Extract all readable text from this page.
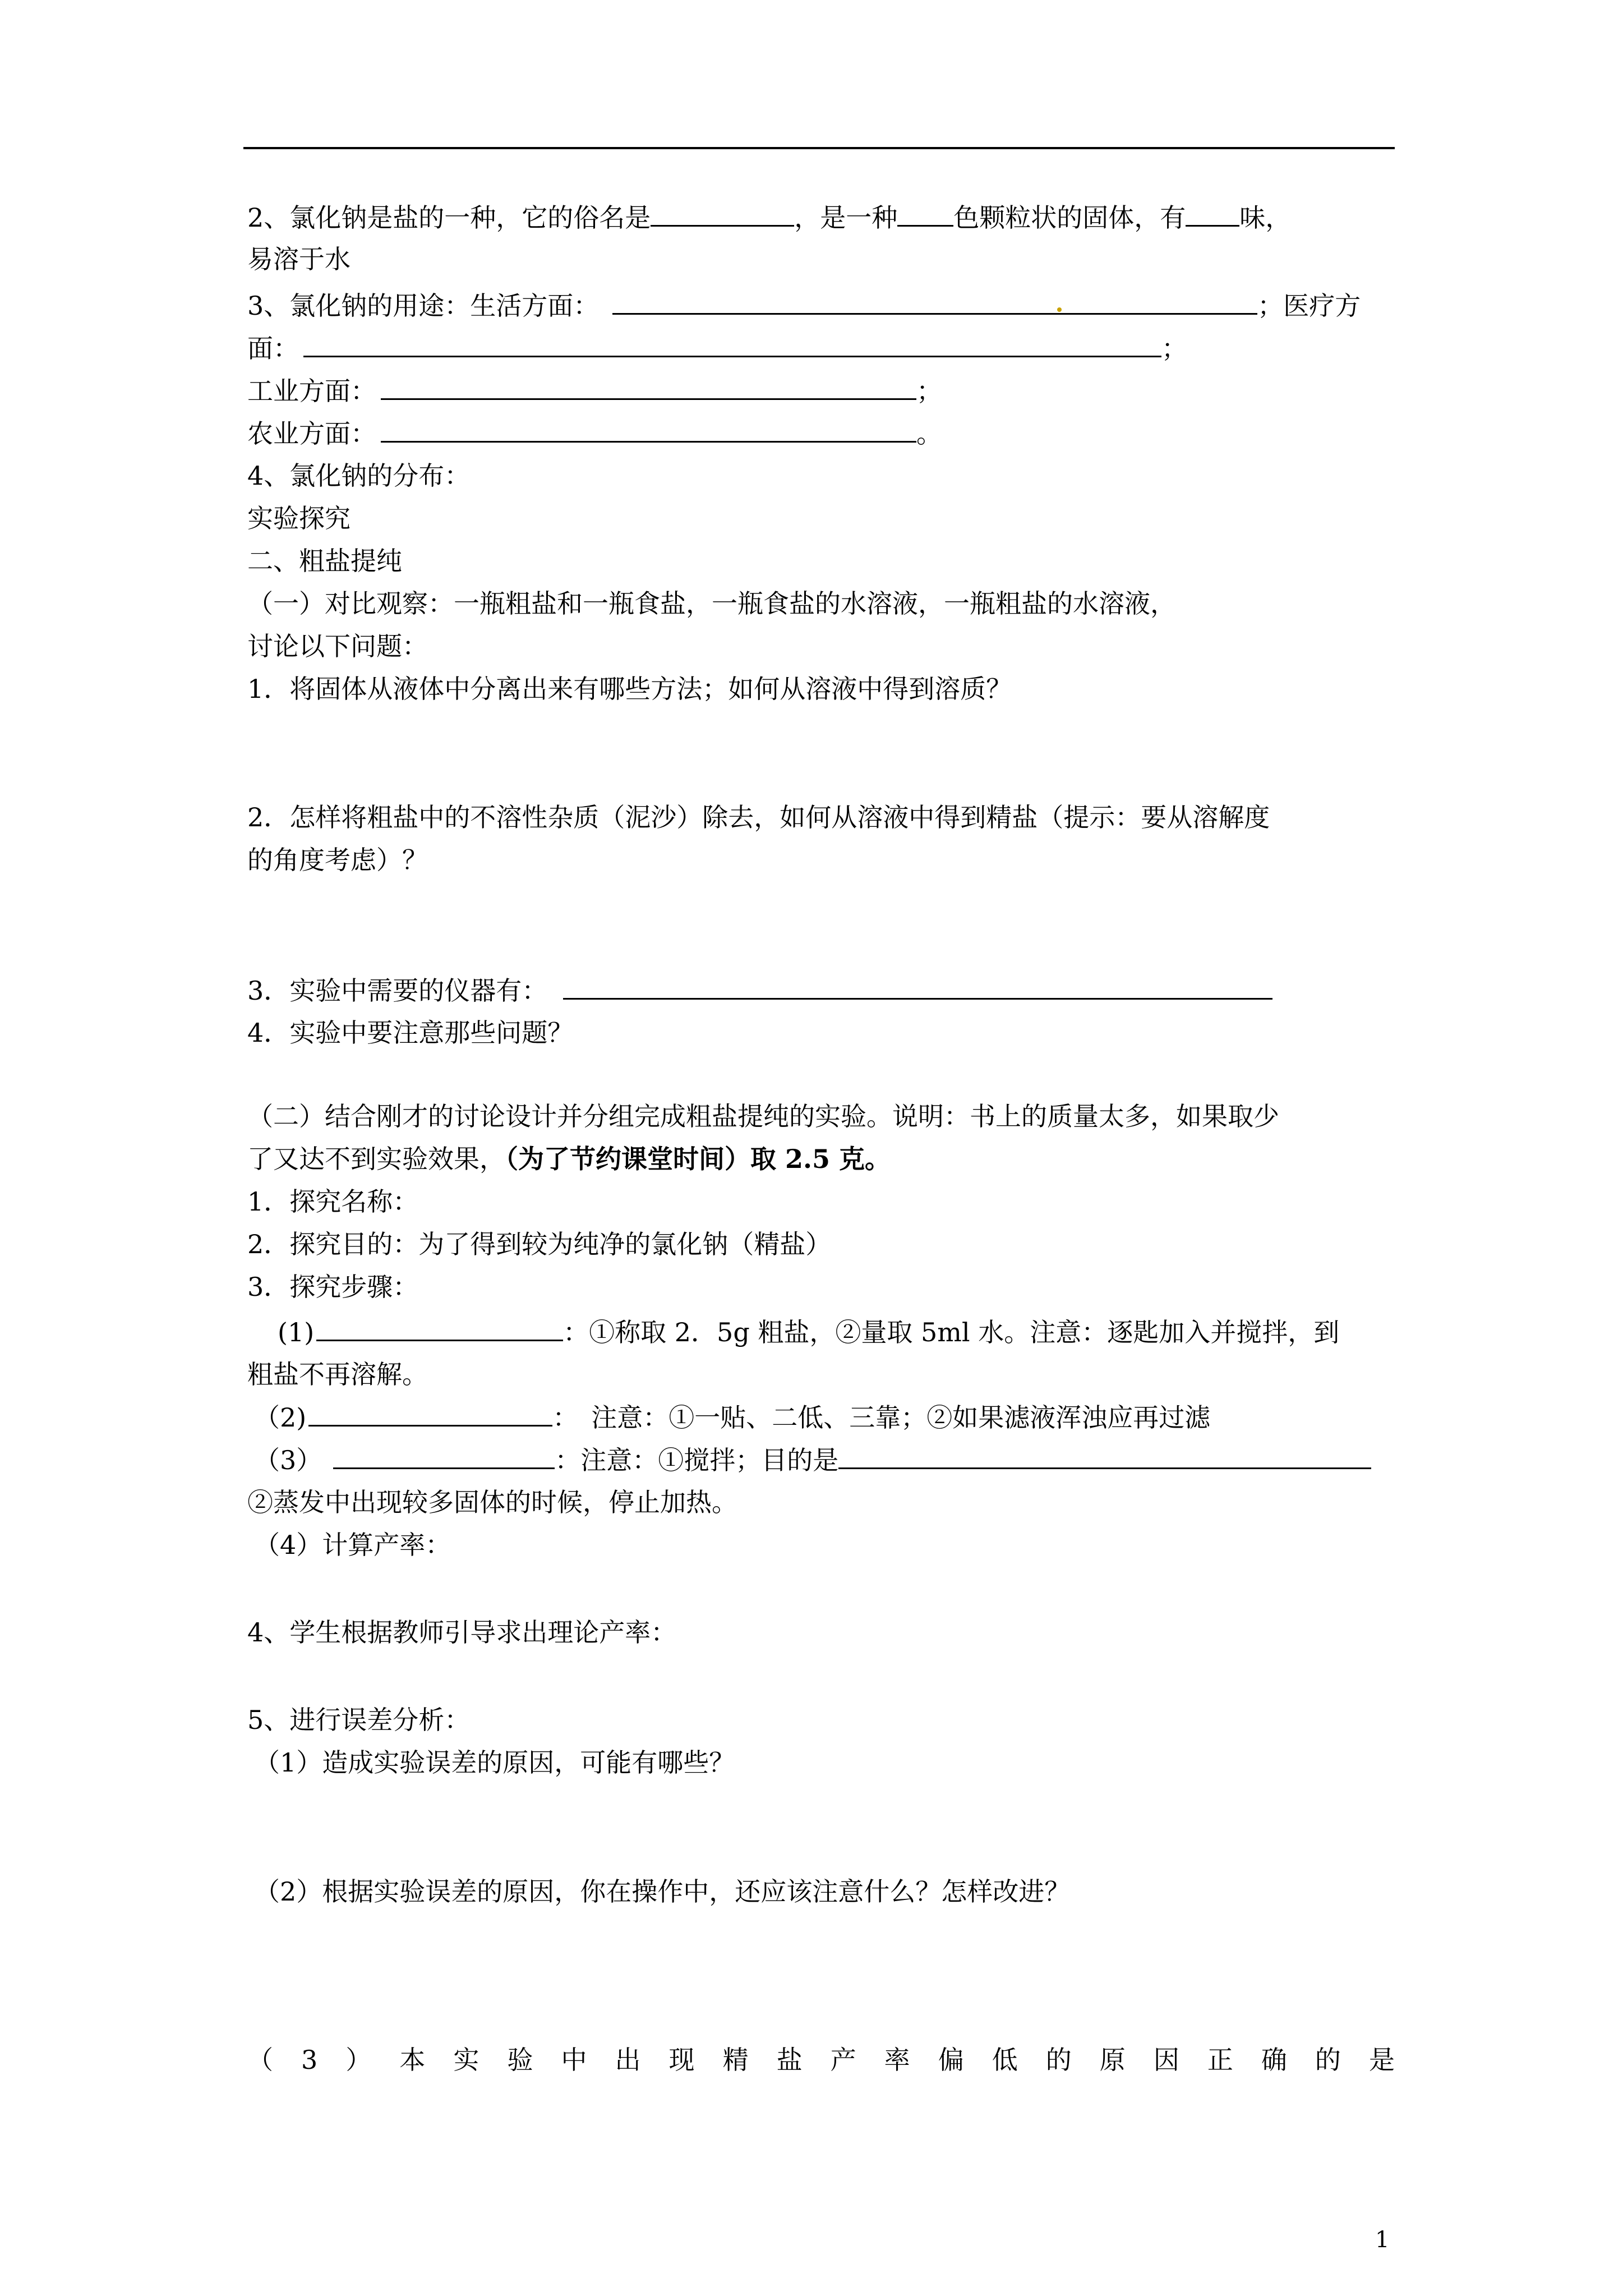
2、氯化钠是盐的一种，它的俗名是	，是一种 色颗粒状的固体，有 味，
易溶于水
3、氯化钠的用途：生活方面：	；医疗方
面：	；
工业方面：	；
农业方面：	。
4、氯化钠的分布：
实验探究
二、粗盐提纯
（一）对比观察：一瓶粗盐和一瓶食盐，一瓶食盐的水溶液，一瓶粗盐的水溶液，
讨论以下问题：
1．将固体从液体中分离出来有哪些方法；如何从溶液中得到溶质？
2．怎样将粗盐中的不溶性杂质（泥沙）除去，如何从溶液中得到精盐（提示：要从溶解度
的角度考虑）？
3．实验中需要的仪器有：
4．实验中要注意那些问题？
（二）结合刚才的讨论设计并分组完成粗盐提纯的实验。说明：书上的质量太多，如果取少
了又达不到实验效果，（为了节约课堂时间）取 2.5 克。
1．探究名称：
2．探究目的：为了得到较为纯净的氯化钠（精盐）
3．探究步骤：
(1)	：①称取 2．5g 粗盐，②量取 5ml 水。注意：逐匙加入并搅拌，到
粗盐不再溶解。
（2)	：　注意：①一贴、二低、三靠；②如果滤液浑浊应再过滤
（3）	：注意：①搅拌；目的是
②蒸发中出现较多固体的时候，停止加热。
（4）计算产率：
4、学生根据教师引导求出理论产率：
5、进行误差分析：
（1）造成实验误差的原因，可能有哪些？
（2）根据实验误差的原因，你在操作中，还应该注意什么？怎样改进？
（ 3 ） 本 实 验 中 出 现 精 盐 产 率 偏 低 的 原 因 正 确 的 是
1
